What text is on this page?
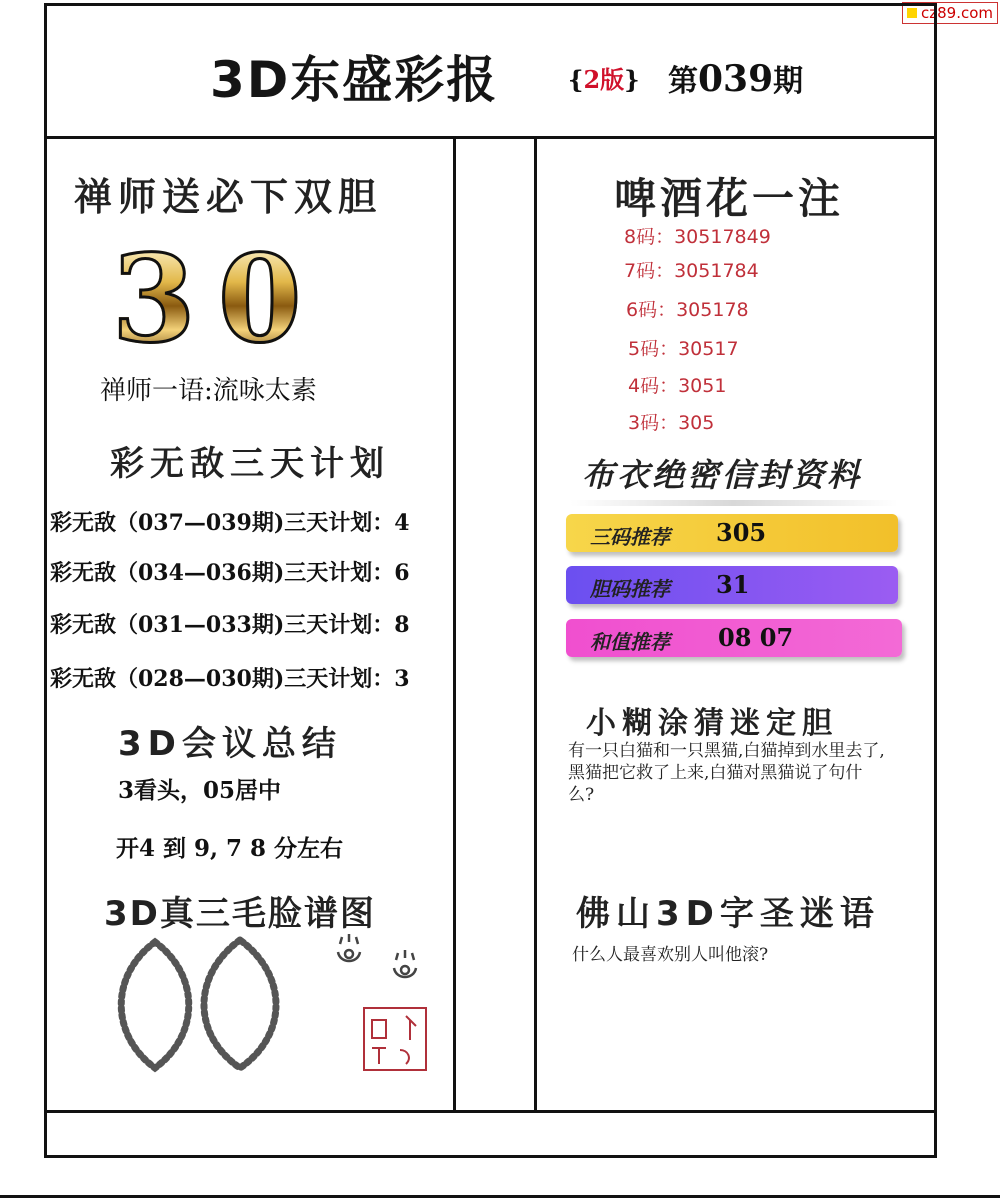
cz89.com
3D东盛彩报	{2版} 第039期
禅师送必下双胆
3 0
禅师一语:流咏太素
彩无敌三天计划
彩无敌（037—039期)三天计划：4
彩无敌（034—036期)三天计划：6
彩无敌（031—033期)三天计划：8
彩无敌（028—030期)三天计划：3
3D会议总结
3看头，05居中
开4 到 9, 7 8 分左右
3D真三毛脸谱图
啤酒花一注
8码：30517849
7码：3051784
6码：305178
5码：30517
4码：3051
3码：305
布衣绝密信封资料
三码推荐 305
胆码推荐 31
和值推荐 08 07
小糊涂猜迷定胆
有一只白猫和一只黑猫,白猫掉到水里去了,黑猫把它救了上来,白猫对黑猫说了句什么?
佛山3D字圣迷语
什么人最喜欢别人叫他滚?
